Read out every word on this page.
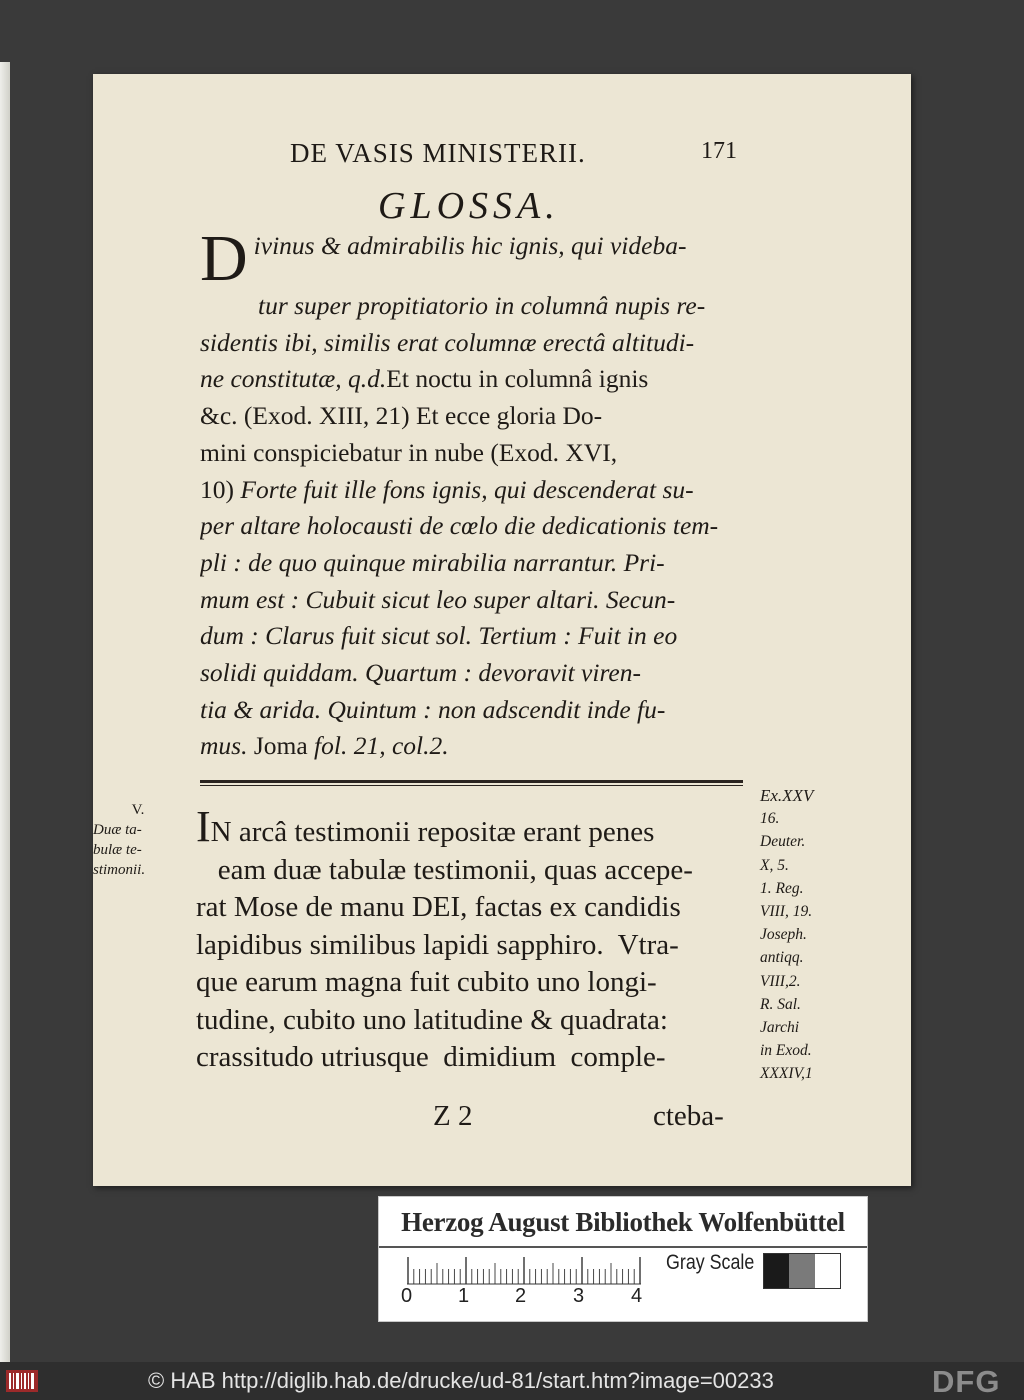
DE VASIS MINISTERII.	171
GLOSSA.
Divinus & admirabilis hic ignis, qui videba-
tur super propitiatorio in columnâ nupis re-
sidentis ibi, similis erat columnæ erectâ altitudi-
ne constitutæ, q.d.Et noctu in columnâ ignis
&c. (Exod. XIII, 21) Et ecce gloria Do-
mini conspiciebatur in nube (Exod. XVI,
10) Forte fuit ille fons ignis, qui descenderat su-
per altare holocausti de cœlo die dedicationis tem-
pli : de quo quinque mirabilia narrantur. Pri-
mum est : Cubuit sicut leo super altari. Secun-
dum : Clarus fuit sicut sol. Tertium : Fuit in eo
solidi quiddam. Quartum : devoravit viren-
tia & arida. Quintum : non adscendit inde fu-
mus. Joma fol. 21, col.2.
V.
Duæ ta-
bulæ te-
stimonii.
IN arcâ testimonii repositæ erant penes
eam duæ tabulæ testimonii, quas accepe-
rat Mose de manu DEI, factas ex candidis
lapidibus similibus lapidi sapphiro.  Vtra-
que earum magna fuit cubito uno longi-
tudine, cubito uno latitudine & quadrata:
crassitudo utriusque  dimidium  comple-
Z 2	cteba-
Ex.XXV
16.
Deuter.
X, 5.
1. Reg.
VIII, 19.
Joseph.
antiqq.
VIII,2.
R. Sal.
Jarchi
in Exod.
XXXIV,1
Herzog August Bibliothek Wolfenbüttel
0 1 2 3 4
Gray Scale
© HAB http://diglib.hab.de/drucke/ud-81/start.htm?image=00233	DFG
